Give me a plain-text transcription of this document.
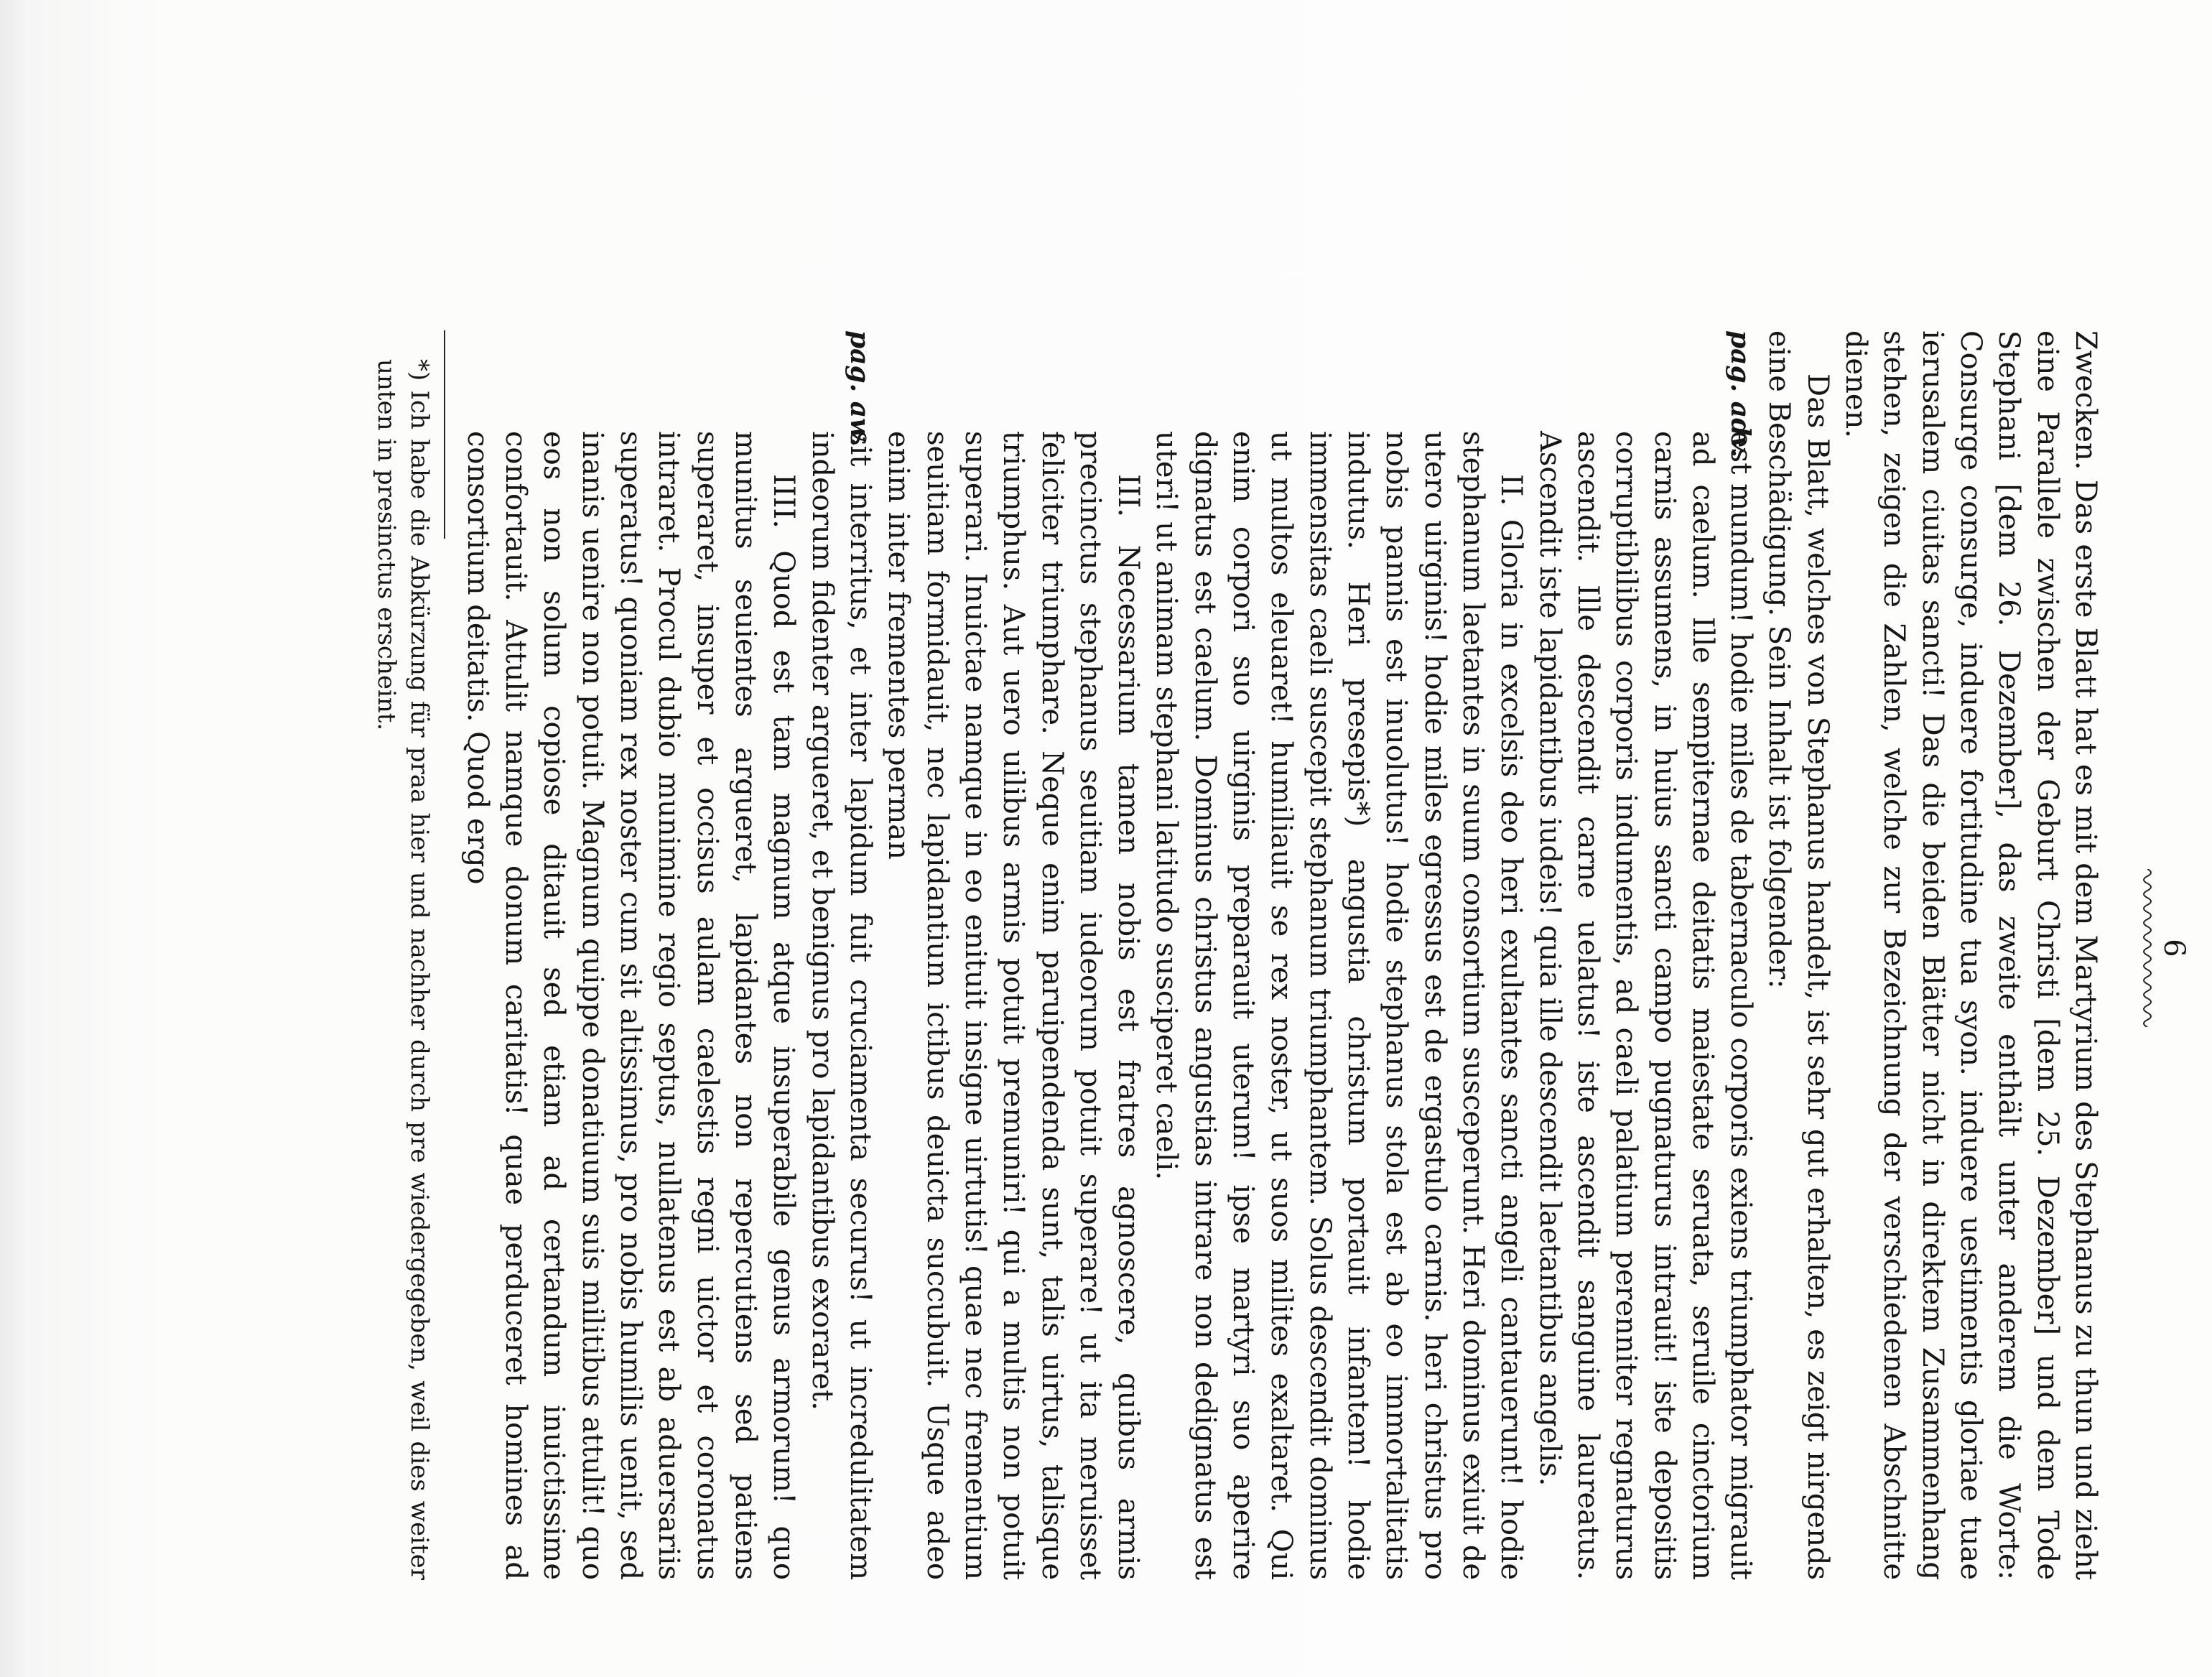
6

Zwecken. Das erste Blatt hat es mit dem Martyrium des Stephanus zu thun und zieht eine Parallele zwischen der Geburt Christi [dem 25. Dezember] und dem Tode Stephani [dem 26. Dezember], das zweite enthält unter anderem die Worte: Consurge consurge, induere fortitudine tua syon. induere uestimentis gloriae tuae ierusalem ciuitas sancti! Das die beiden Blätter nicht in direktem Zusammenhang stehen, zeigen die Zahlen, welche zur Bezeichnung der verschiedenen Abschnitte dienen.

Das Blatt, welches von Stephanus handelt, ist sehr gut erhalten, es zeigt nirgends eine Beschädigung. Sein Inhalt ist folgender:

pag. adv.

est mundum! hodie miles de tabernaculo corporis exiens triumphator migrauit ad caelum. Ille sempiternae deitatis maiestate seruata, seruile cinctorium carnis assumens, in huius sancti campo pugnaturus intrauit! iste depositis corruptibilibus corporis indumentis, ad caeli palatium perenniter regnaturus ascendit. Ille descendit carne uelatus! iste ascendit sanguine laureatus. Ascendit iste lapidantibus iudeis! quia ille descendit laetantibus angelis.

II. Gloria in excelsis deo heri exultantes sancti angeli cantauerunt! hodie stephanum laetantes in suum consortium susceperunt. Heri dominus exiuit de utero uirginis! hodie miles egressus est de ergastulo carnis. heri christus pro nobis pannis est inuolutus! hodie stephanus stola est ab eo immortalitatis indutus. Heri presepis*) angustia christum portauit infantem! hodie immensitas caeli suscepit stephanum triumphantem. Solus descendit dominus ut multos eleuaret! humiliauit se rex noster, ut suos milites exaltaret. Qui enim corpori suo uirginis preparauit uterum! ipse martyri suo aperire dignatus est caelum. Dominus christus angustias intrare non dedignatus est uteri! ut animam stephani latitudo susciperet caeli.

III. Necessarium tamen nobis est fratres agnoscere, quibus armis precinctus stephanus seuitiam iudeorum potuit superare! ut ita meruisset feliciter triumphare. Neque enim paruipendenda sunt, talis uirtus, talisque triumphus. Aut uero uilibus armis potuit premuniri! qui a multis non potuit superari. Inuictae namque in eo enituit insigne uirtutis! quae nec frementium seuitiam formidauit, nec lapidantium ictibus deuicta succubuit. Usque adeo enim inter frementes perman

pag. aw.

sit interritus, et inter lapidum fuit cruciamenta securus! ut incredulitatem indeorum fidenter argueret, et benignus pro lapidantibus exoraret.

IIII. Quod est tam magnum atque insuperabile genus armorum! quo munitus seuientes argueret, lapidantes non repercutiens sed patiens superaret, insuper et occisus aulam caelestis regni uictor et coronatus intraret. Procul dubio munimine regio septus, nullatenus est ab aduersariis superatus! quoniam rex noster cum sit altissimus, pro nobis humilis uenit, sed inanis uenire non potuit. Magnum quippe donatiuum suis militibus attulit! quo eos non solum copiose ditauit sed etiam ad certandum inuictissime confortauit. Attulit namque donum caritatis! quae perduceret homines ad consortium deitatis. Quod ergo

*) Ich habe die Abkürzung für praa hier und nachher durch pre wiedergegeben, weil dies weiter unten in presinctus erscheint.
